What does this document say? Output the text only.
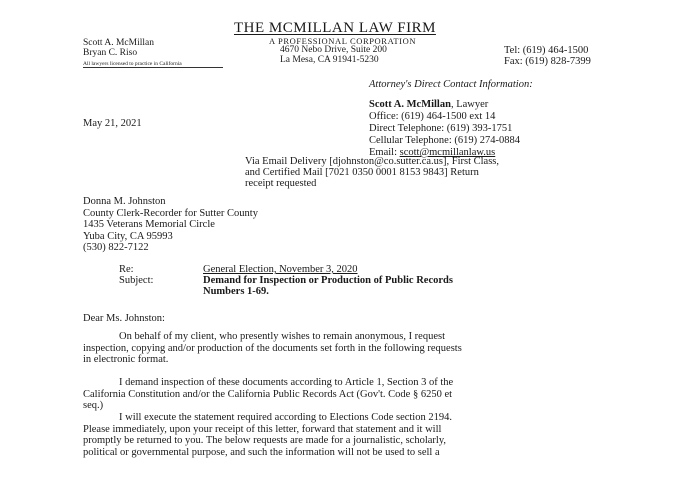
THE MCMILLAN LAW FIRM
A PROFESSIONAL CORPORATION
4670 Nebo Drive, Suite 200
La Mesa, CA 91941-5230
Scott A. McMillan
Bryan C. Riso
All lawyers licensed to practice in California
Tel: (619) 464-1500
Fax: (619) 828-7399
Attorney's Direct Contact Information:
Scott A. McMillan, Lawyer
Office: (619) 464-1500 ext 14
Direct Telephone: (619) 393-1751
Cellular Telephone: (619) 274-0884
Email: scott@mcmillanlaw.us
May 21, 2021
Via Email Delivery [djohnston@co.sutter.ca.us], First Class,
and Certified Mail [7021 0350 0001 8153 9843] Return
receipt requested
Donna M. Johnston
County Clerk-Recorder for Sutter County
1435 Veterans Memorial Circle
Yuba City, CA 95993
(530) 822-7122
Re:
Subject:
General Election, November 3, 2020
Demand for Inspection or Production of Public Records
Numbers 1-69.
Dear Ms. Johnston:
On behalf of my client, who presently wishes to remain anonymous, I request
inspection, copying and/or production of the documents set forth in the following requests
in electronic format.
I demand inspection of these documents according to Article 1, Section 3 of the
California Constitution and/or the California Public Records Act (Gov't. Code § 6250 et
seq.)
I will execute the statement required according to Elections Code section 2194.
Please immediately, upon your receipt of this letter, forward that statement and it will
promptly be returned to you. The below requests are made for a journalistic, scholarly,
political or governmental purpose, and such the information will not be used to sell a
